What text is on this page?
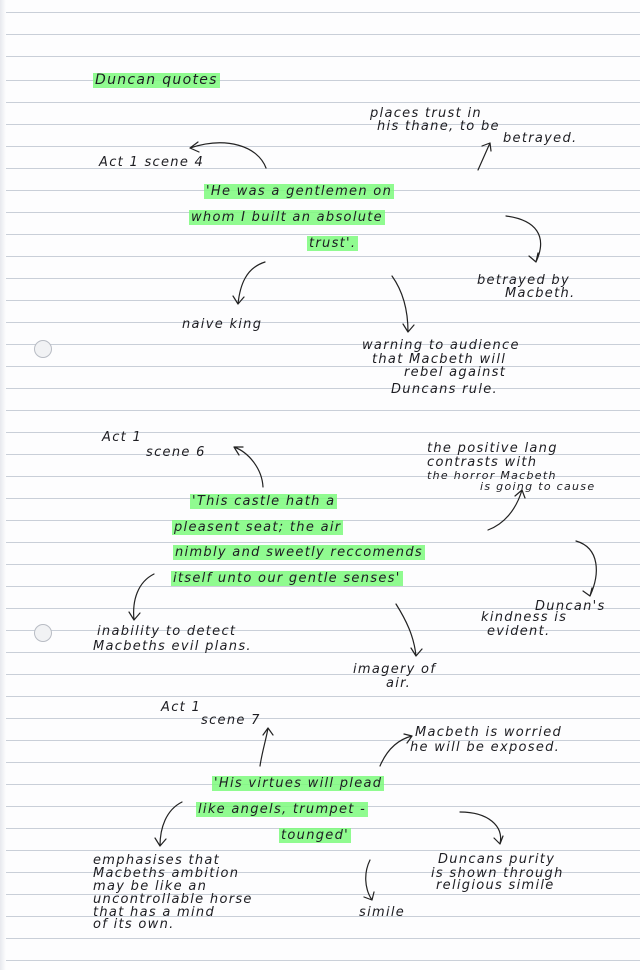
Duncan quotes
Act 1 scene 4
places trust in
his thane, to be
betrayed.
'He was a gentlemen on
whom I built an absolute
trust'.
betrayed by
Macbeth.
naive king
warning to audience
that Macbeth will
rebel against
Duncans rule.
Act 1
scene 6	the positive lang
contrasts with
the horror Macbeth
is going to cause
'This castle hath a
pleasent seat; the air
nimbly and sweetly reccomends
itself unto our gentle senses'
Duncan's
kindness is
evident.
inability to detect
Macbeths evil plans.
imagery of
air.
Act 1
scene 7
Macbeth is worried
he will be exposed.
'His virtues will plead
like angels, trumpet -
tounged'
emphasises that
Macbeths ambition
may be like an
uncontrollable horse
that has a mind
of its own.
simile
Duncans purity
is shown through
religious simile
